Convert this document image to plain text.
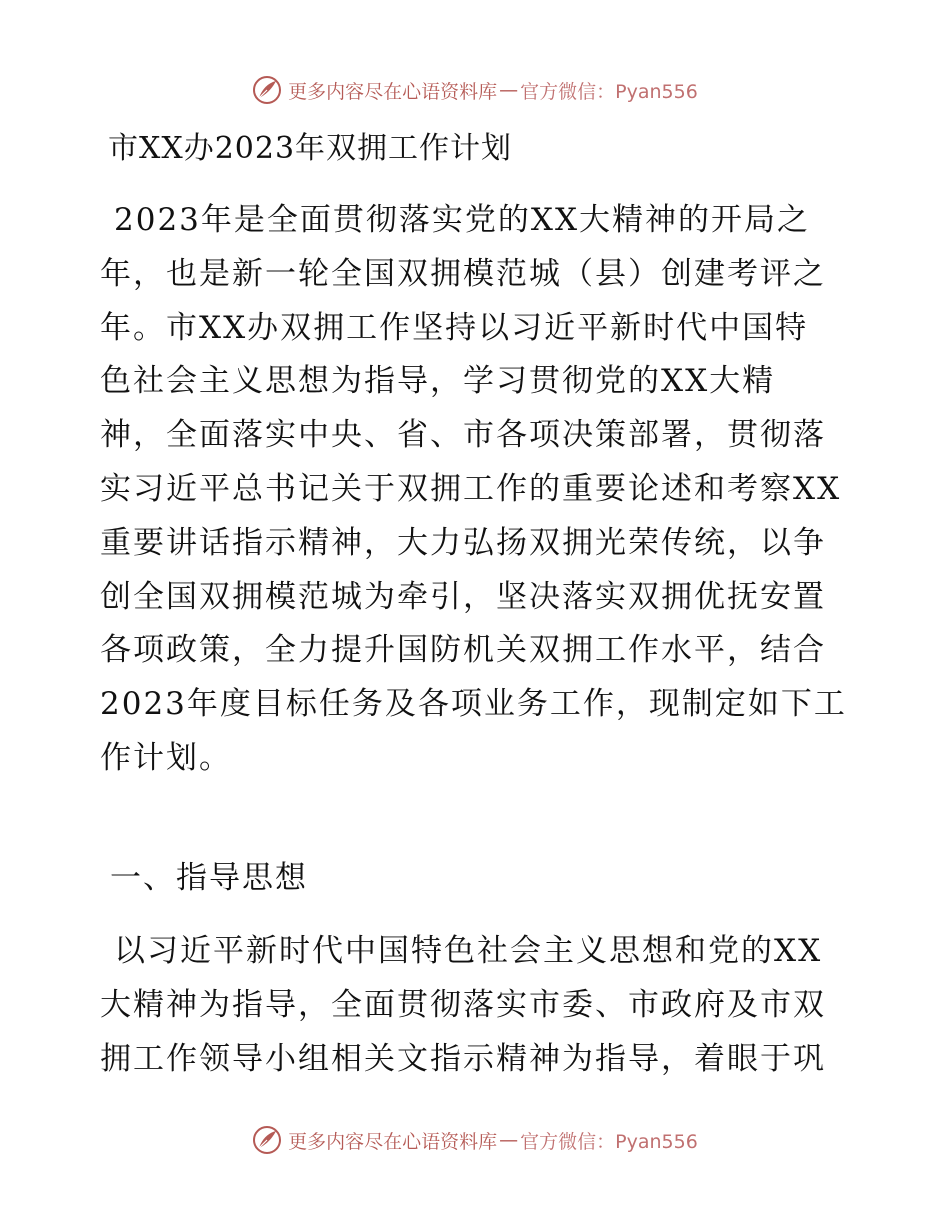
更多内容尽在心语资料库 — 官方微信：Pyan556
市XX办2023年双拥工作计划

2023年是全面贯彻落实党的XX大精神的开局之
年，也是新一轮全国双拥模范城（县）创建考评之
年。市XX办双拥工作坚持以习近平新时代中国特
色社会主义思想为指导，学习贯彻党的XX大精
神，全面落实中央、省、市各项决策部署，贯彻落
实习近平总书记关于双拥工作的重要论述和考察XX
重要讲话指示精神，大力弘扬双拥光荣传统，以争
创全国双拥模范城为牵引，坚决落实双拥优抚安置
各项政策，全力提升国防机关双拥工作水平，结合
2023年度目标任务及各项业务工作，现制定如下工
作计划。

一、指导思想

以习近平新时代中国特色社会主义思想和党的XX
大精神为指导，全面贯彻落实市委、市政府及市双
拥工作领导小组相关文指示精神为指导，着眼于巩

更多内容尽在心语资料库 — 官方微信：Pyan556
